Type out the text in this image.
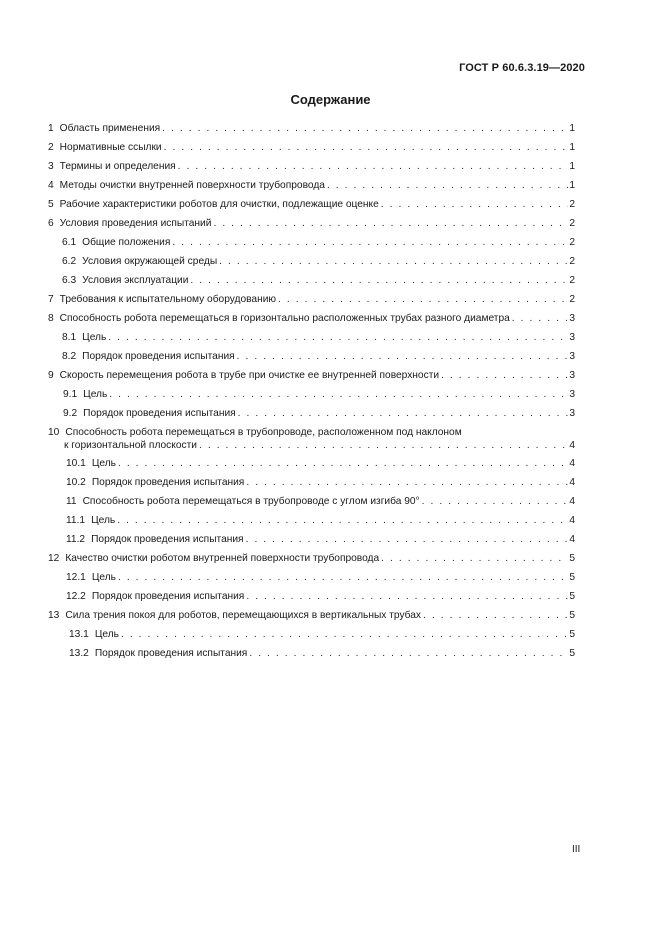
ГОСТ Р 60.6.3.19—2020
Содержание
1 Область применения . . .	1
2 Нормативные ссылки . . .	1
3 Термины и определения . . .	1
4 Методы очистки внутренней поверхности трубопровода . . .	1
5 Рабочие характеристики роботов для очистки, подлежащие оценке . . .	2
6 Условия проведения испытаний . . .	2
6.1 Общие положения . . .	2
6.2 Условия окружающей среды . . .	2
6.3 Условия эксплуатации . . .	2
7 Требования к испытательному оборудованию . . .	2
8 Способность робота перемещаться в горизонтально расположенных трубах разного диаметра . . .	3
8.1 Цель . . .	3
8.2 Порядок проведения испытания . . .	3
9 Скорость перемещения робота в трубе при очистке ее внутренней поверхности . . .	3
9.1 Цель . . .	3
9.2 Порядок проведения испытания . . .	3
10 Способность робота перемещаться в трубопроводе, расположенном под наклоном
к горизонтальной плоскости . . .	4
10.1 Цель . . .	4
10.2 Порядок проведения испытания . . .	4
11 Способность робота перемещаться в трубопроводе с углом изгиба 90° . . .	4
11.1 Цель . . .	4
11.2 Порядок проведения испытания . . .	4
12 Качество очистки роботом внутренней поверхности трубопровода . . .	5
12.1 Цель . . .	5
12.2 Порядок проведения испытания . . .	5
13 Сила трения покоя для роботов, перемещающихся в вертикальных трубах . . .	5
13.1 Цель . . .	5
13.2 Порядок проведения испытания . . .	5
III
